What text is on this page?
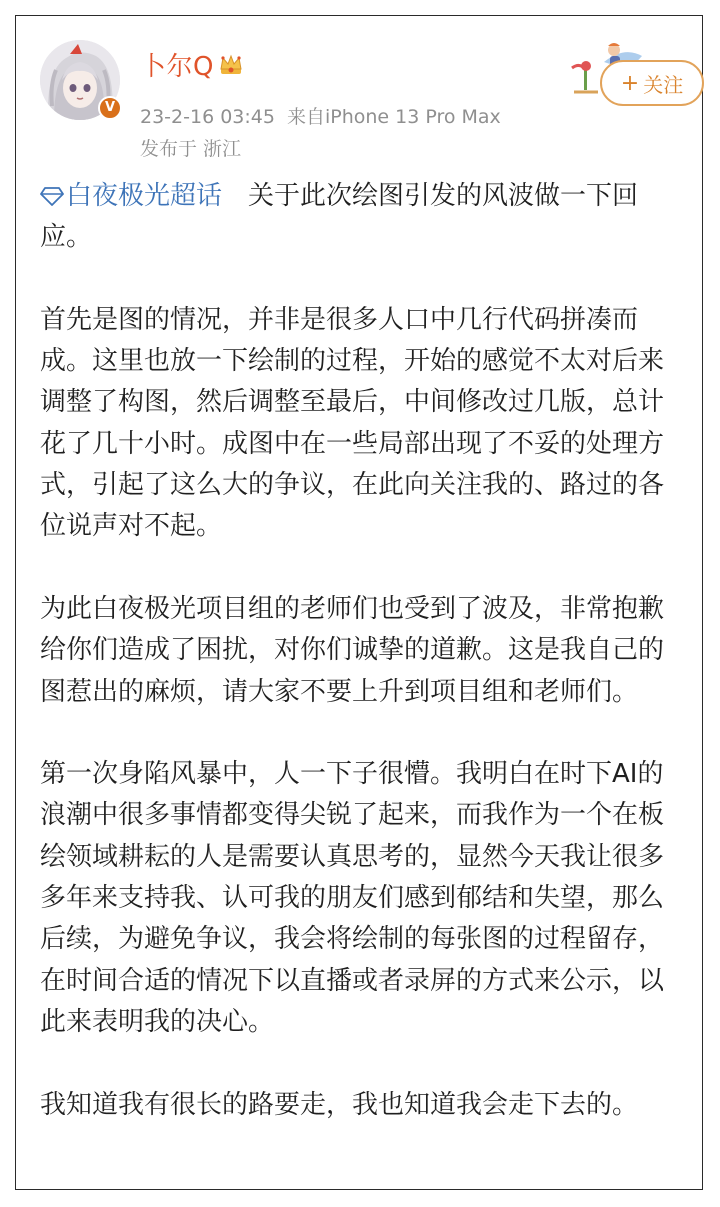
V
卜尔Q
23-2-16 03:45 来自iPhone 13 Pro Max
发布于 浙江
+ 关注

白夜极光超话  关于此次绘图引发的风波做一下回应。

首先是图的情况，并非是很多人口中几行代码拼凑而成。这里也放一下绘制的过程，开始的感觉不太对后来调整了构图，然后调整至最后，中间修改过几版，总计花了几十小时。成图中在一些局部出现了不妥的处理方式，引起了这么大的争议，在此向关注我的、路过的各位说声对不起。

为此白夜极光项目组的老师们也受到了波及，非常抱歉给你们造成了困扰，对你们诚挚的道歉。这是我自己的图惹出的麻烦，请大家不要上升到项目组和老师们。

第一次身陷风暴中，人一下子很懵。我明白在时下AI的浪潮中很多事情都变得尖锐了起来，而我作为一个在板绘领域耕耘的人是需要认真思考的，显然今天我让很多多年来支持我、认可我的朋友们感到郁结和失望，那么后续，为避免争议，我会将绘制的每张图的过程留存，在时间合适的情况下以直播或者录屏的方式来公示，以此来表明我的决心。

我知道我有很长的路要走，我也知道我会走下去的。
